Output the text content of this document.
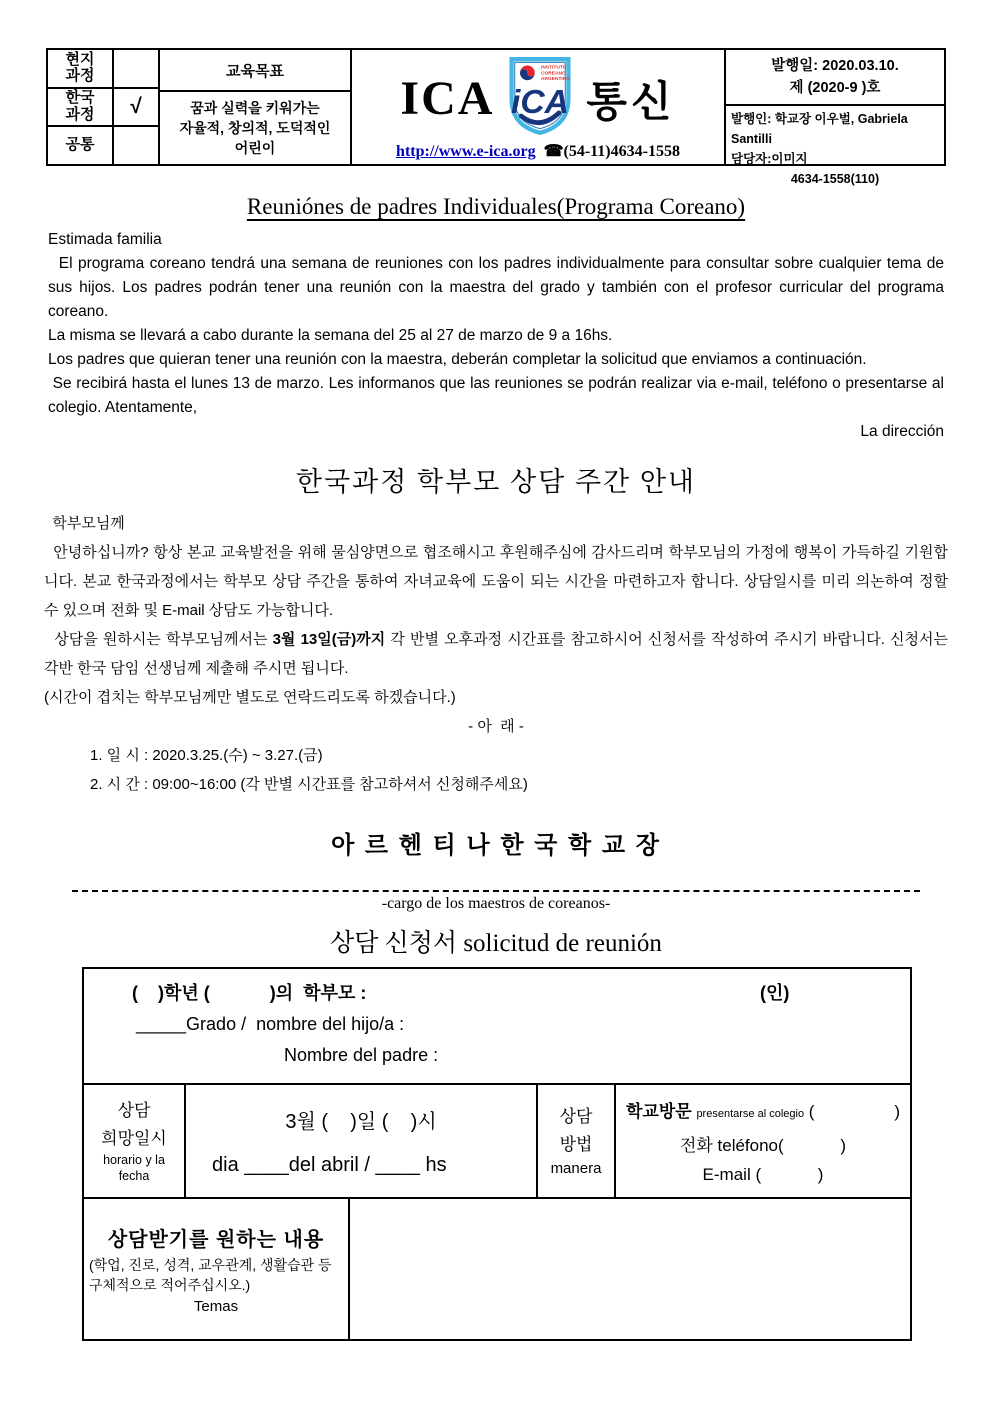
현지
과정
한국
과정
공통
√
교육목표
꿈과 실력을 키워가는
자율적, 창의적, 도덕적인
어린이
ICA
INSTITUTO
COREANO
ARGENTINO
iCA 통신
http://www.e-ica.org ☎(54-11)4634-1558
발행일: 2020.03.10.
제 (2020-9 )호
발행인: 학교장 이우벌, Gabriela Santilli
담당자:이미지
4634-1558(110)
Reuniónes de padres Individuales(Programa Coreano)

Estimada familia

El programa coreano tendrá una semana de reuniones con los padres individualmente para consultar sobre cualquier tema de sus hijos. Los padres podrán tener una reunión con la maestra del grado y también con el profesor curricular del programa coreano.

La misma se llevará a cabo durante la semana del 25 al 27 de marzo de 9 a 16hs.

Los padres que quieran tener una reunión con la maestra, deberán completar la solicitud que enviamos a continuación.

Se recibirá hasta el lunes 13 de marzo. Les informanos que las reuniones se podrán realizar via e-mail, teléfono o presentarse al colegio. Atentamente,

La dirección

한국과정 학부모 상담 주간 안내

학부모님께

안녕하십니까? 항상 본교 교육발전을 위해 물심양면으로 협조해시고 후원해주심에 감사드리며 학부모님의 가정에 행복이 가득하길 기원합니다. 본교 한국과정에서는 학부모 상담 주간을 통하여 자녀교육에 도움이 되는 시간을 마련하고자 합니다. 상담일시를 미리 의논하여 정할 수 있으며 전화 및 E-mail 상담도 가능합니다.

상담을 원하시는 학부모님께서는 3월 13일(금)까지 각 반별 오후과정 시간표를 참고하시어 신청서를 작성하여 주시기 바랍니다. 신청서는 각반 한국 담임 선생님께 제출해 주시면 됩니다.

(시간이 겹치는 학부모님께만 별도로 연락드리도록 하겠습니다.)

- 아  래 -

1. 일 시 : 2020.3.25.(수) ~ 3.27.(금)

2. 시 간 : 09:00~16:00 (각 반별 시간표를 참고하셔서 신청해주세요)

아 르 헨 티 나 한 국 학 교 장
-cargo de los maestros de coreanos-
상담 신청서 solicitud de reunión
(    )학년 (            )의  학부모 :	(인)
_____Grado /  nombre del hijo/a :
Nombre del padre :
상담
희망일시
horario y la
fecha
3월 (    )일 (    )시
dia ____del abril / ____ hs
상담
방법
manera
학교방문 presentarse al colegio (	)
전화 teléfono(            )
E-mail (            )
상담받기를 원하는 내용
(학업, 진로, 성격, 교우관계, 생활습관 등 구체적으로 적어주십시오.)
Temas
